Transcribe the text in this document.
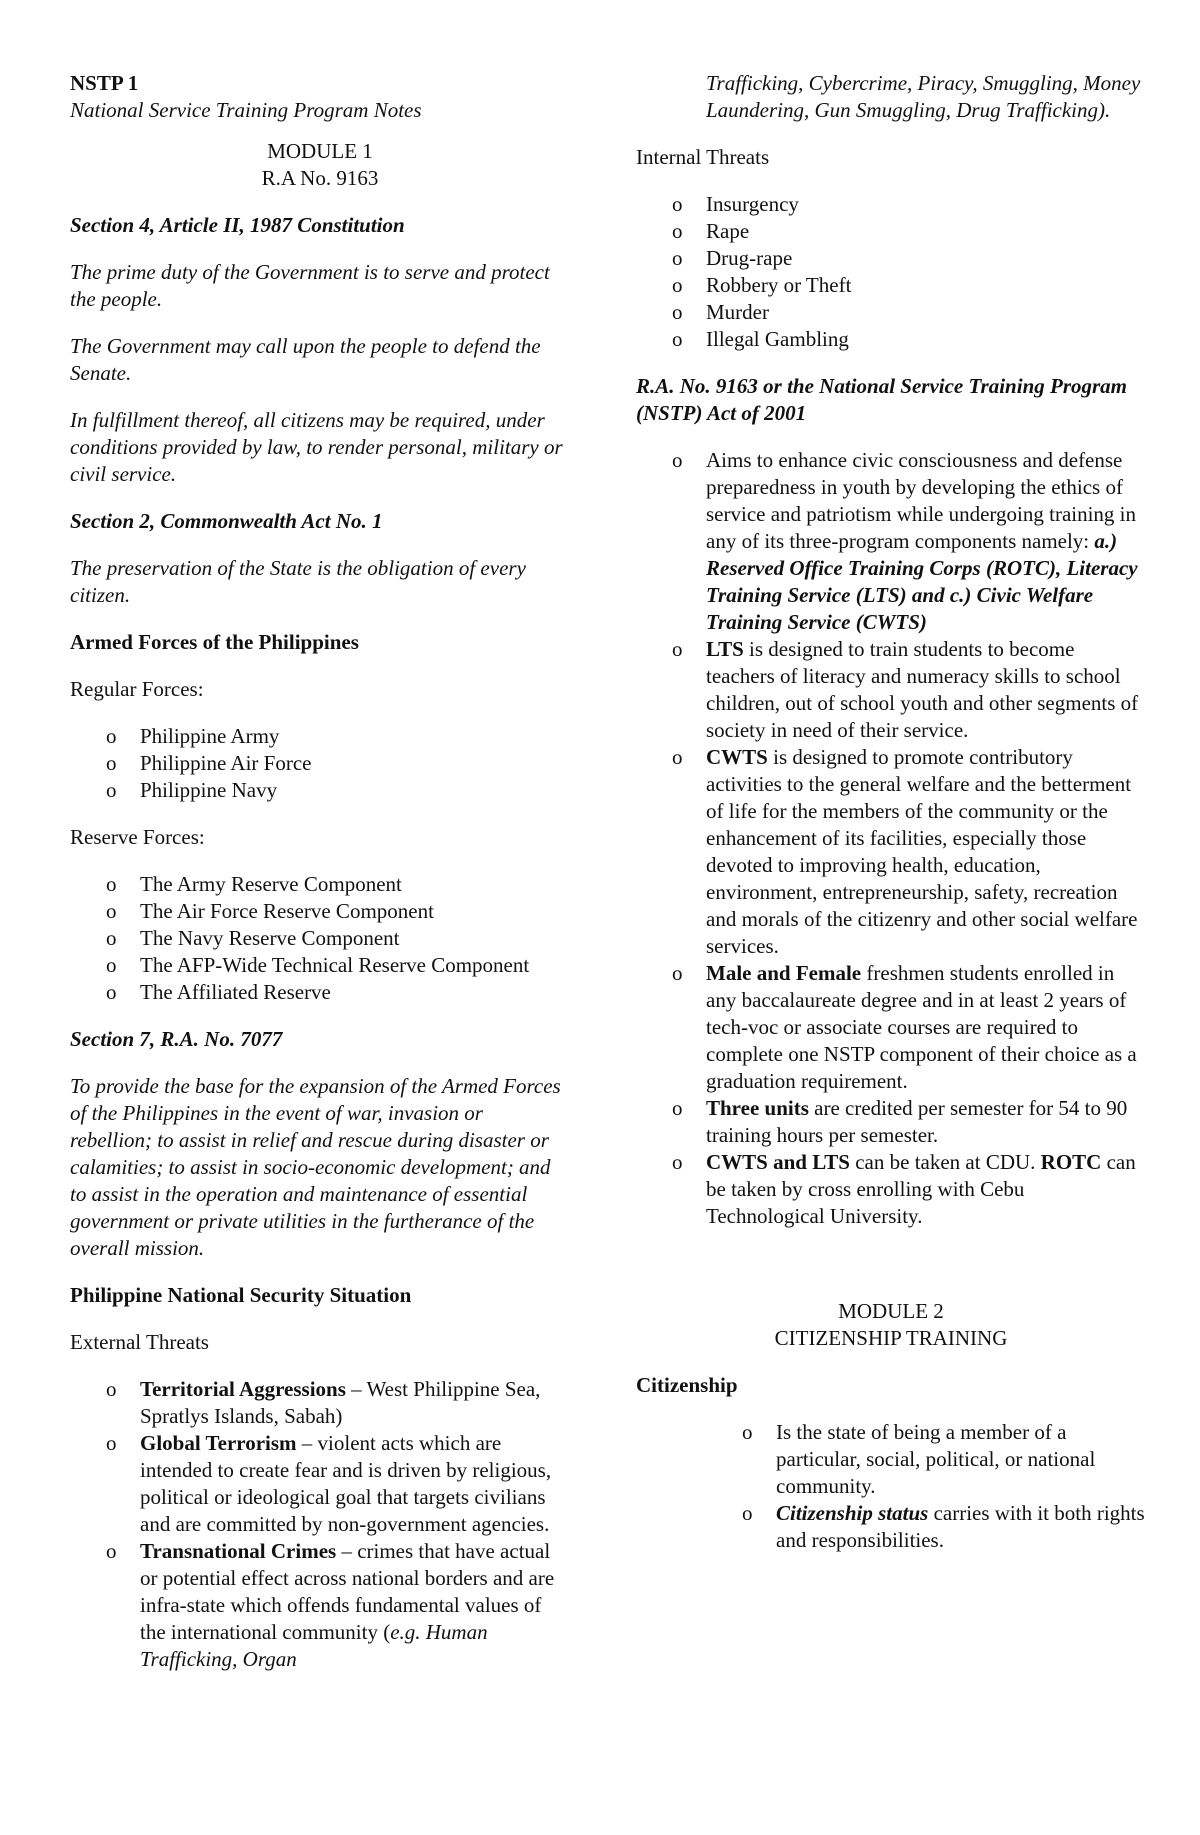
NSTP 1

National Service Training Program Notes

MODULE 1
R.A No. 9163

Section 4, Article II, 1987 Constitution

The prime duty of the Government is to serve and protect the people.

The Government may call upon the people to defend the Senate.

In fulfillment thereof, all citizens may be required, under conditions provided by law, to render personal, military or civil service.

Section 2, Commonwealth Act No. 1

The preservation of the State is the obligation of every citizen.

Armed Forces of the Philippines

Regular Forces:

o	Philippine Army
o	Philippine Air Force
o	Philippine Navy

Reserve Forces:

o	The Army Reserve Component
o	The Air Force Reserve Component
o	The Navy Reserve Component
o	The AFP-Wide Technical Reserve Component
o	The Affiliated Reserve

Section 7, R.A. No. 7077

To provide the base for the expansion of the Armed Forces of the Philippines in the event of war, invasion or rebellion; to assist in relief and rescue during disaster or calamities; to assist in socio-economic development; and to assist in the operation and maintenance of essential government or private utilities in the furtherance of the overall mission.

Philippine National Security Situation

External Threats

o	Territorial Aggressions – West Philippine Sea, Spratlys Islands, Sabah)
o	Global Terrorism – violent acts which are intended to create fear and is driven by religious, political or ideological goal that targets civilians and are committed by non-government agencies.
o	Transnational Crimes – crimes that have actual or potential effect across national borders and are infra-state which offends fundamental values of the international community (e.g. Human Trafficking, Organ

Trafficking, Cybercrime, Piracy, Smuggling, Money Laundering, Gun Smuggling, Drug Trafficking).

Internal Threats

o	Insurgency
o	Rape
o	Drug-rape
o	Robbery or Theft
o	Murder
o	Illegal Gambling

R.A. No. 9163 or the National Service Training Program (NSTP) Act of 2001

o	Aims to enhance civic consciousness and defense preparedness in youth by developing the ethics of service and patriotism while undergoing training in any of its three-program components namely: a.) Reserved Office Training Corps (ROTC), Literacy Training Service (LTS) and c.) Civic Welfare Training Service (CWTS)
o	LTS is designed to train students to become teachers of literacy and numeracy skills to school children, out of school youth and other segments of society in need of their service.
o	CWTS is designed to promote contributory activities to the general welfare and the betterment of life for the members of the community or the enhancement of its facilities, especially those devoted to improving health, education, environment, entrepreneurship, safety, recreation and morals of the citizenry and other social welfare services.
o	Male and Female freshmen students enrolled in any baccalaureate degree and in at least 2 years of tech-voc or associate courses are required to complete one NSTP component of their choice as a graduation requirement.
o	Three units are credited per semester for 54 to 90 training hours per semester.
o	CWTS and LTS can be taken at CDU. ROTC can be taken by cross enrolling with Cebu Technological University.
MODULE 2
CITIZENSHIP TRAINING

Citizenship

o	Is the state of being a member of a particular, social, political, or national community.
o	Citizenship status carries with it both rights and responsibilities.
